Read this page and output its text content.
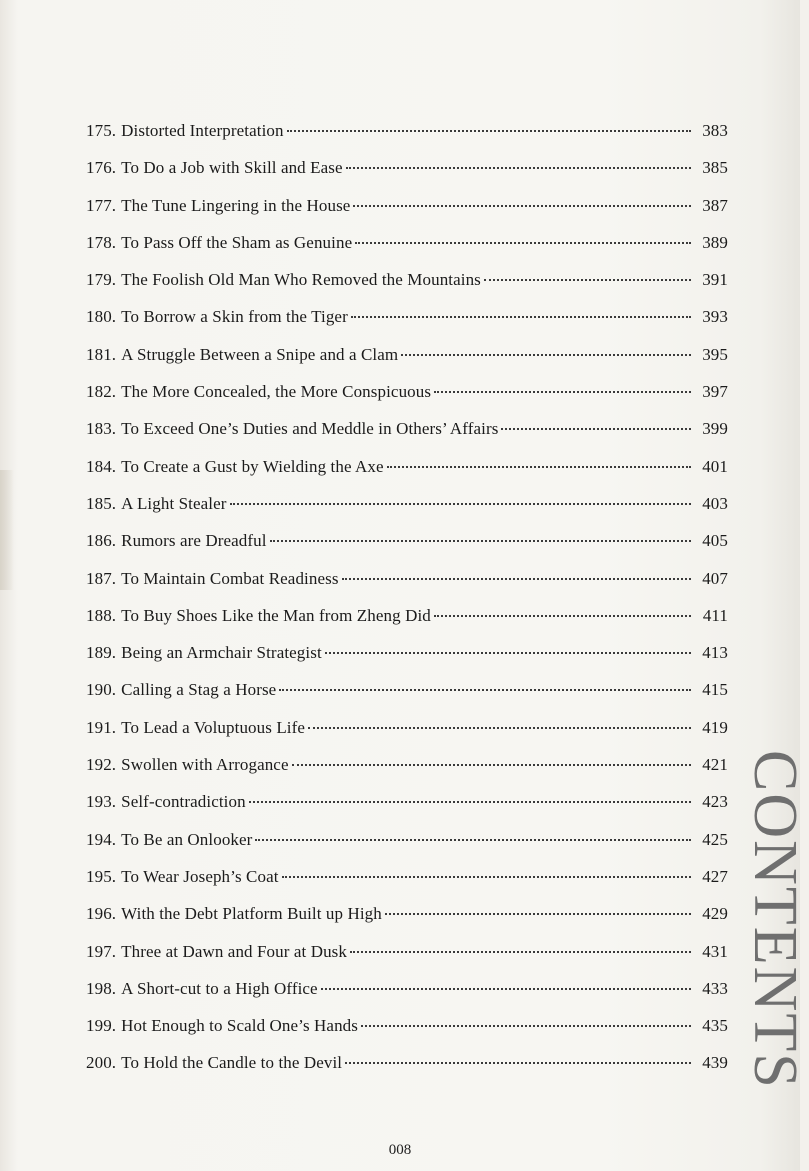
175. Distorted Interpretation	383
176. To Do a Job with Skill and Ease	385
177. The Tune Lingering in the House	387
178. To Pass Off the Sham as Genuine	389
179. The Foolish Old Man Who Removed the Mountains	391
180. To Borrow a Skin from the Tiger	393
181. A Struggle Between a Snipe and a Clam	395
182. The More Concealed, the More Conspicuous	397
183. To Exceed One’s Duties and Meddle in Others’ Affairs	399
184. To Create a Gust by Wielding the Axe	401
185. A Light Stealer	403
186. Rumors are Dreadful	405
187. To Maintain Combat Readiness	407
188. To Buy Shoes Like the Man from Zheng Did	411
189. Being an Armchair Strategist	413
190. Calling a Stag a Horse	415
191. To Lead a Voluptuous Life	419
192. Swollen with Arrogance	421
193. Self-contradiction	423
194. To Be an Onlooker	425
195. To Wear Joseph’s Coat	427
196. With the Debt Platform Built up High	429
197. Three at Dawn and Four at Dusk	431
198. A Short-cut to a High Office	433
199. Hot Enough to Scald One’s Hands	435
200. To Hold the Candle to the Devil	439
008
CONTENTS
